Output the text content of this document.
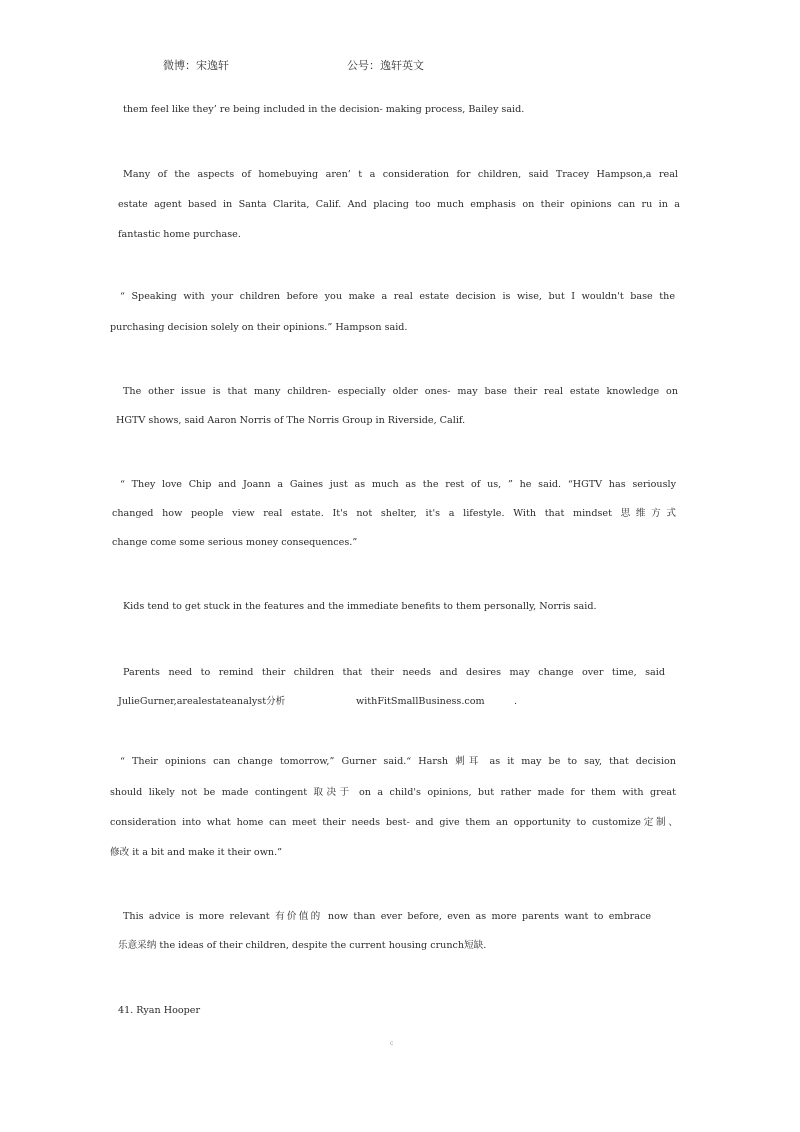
微博：宋逸轩	公号：逸轩英文
them feel like they’ re being included in the decision- making process, Bailey said.
Many of the aspects of homebuying aren’ t a consideration for children, said Tracey Hampson,a real
estate agent based in Santa Clarita, Calif. And placing too much emphasis on their opinions can ru in a
fantastic home purchase.
“ Speaking with your children before you make a real estate decision is wise, but I wouldn't base the
purchasing decision solely on their opinions.” Hampson said.
The other issue is that many children- especially older ones- may base their real estate knowledge on
HGTV shows, said Aaron Norris of The Norris Group in Riverside, Calif.
“ They love Chip and Joann a Gaines just as much as the rest of us, ” he said. “HGTV has seriously
changed how people view real estate. It's not shelter, it's a lifestyle. With that mindset 思维方式
change come some serious money consequences.”
Kids tend to get stuck in the features and the immediate benefits to them personally, Norris said.
Parents need to remind their children that their needs and desires may change over time, said
JulieGurner,arealestateanalyst分析	withFitSmallBusiness.com	.
“ Their opinions can change tomorrow,” Gurner said.“ Harsh 刺耳 as it may be to say, that decision
should likely not be made contingent 取决于 on a child's opinions, but rather made for them with great
consideration into what home can meet their needs best- and give them an opportunity to customize定制、
修改 it a bit and make it their own.”
This advice is more relevant 有价值的 now than ever before, even as more parents want to embrace
乐意采纳 the ideas of their children, despite the current housing crunch短缺.
41. Ryan Hooper
c
